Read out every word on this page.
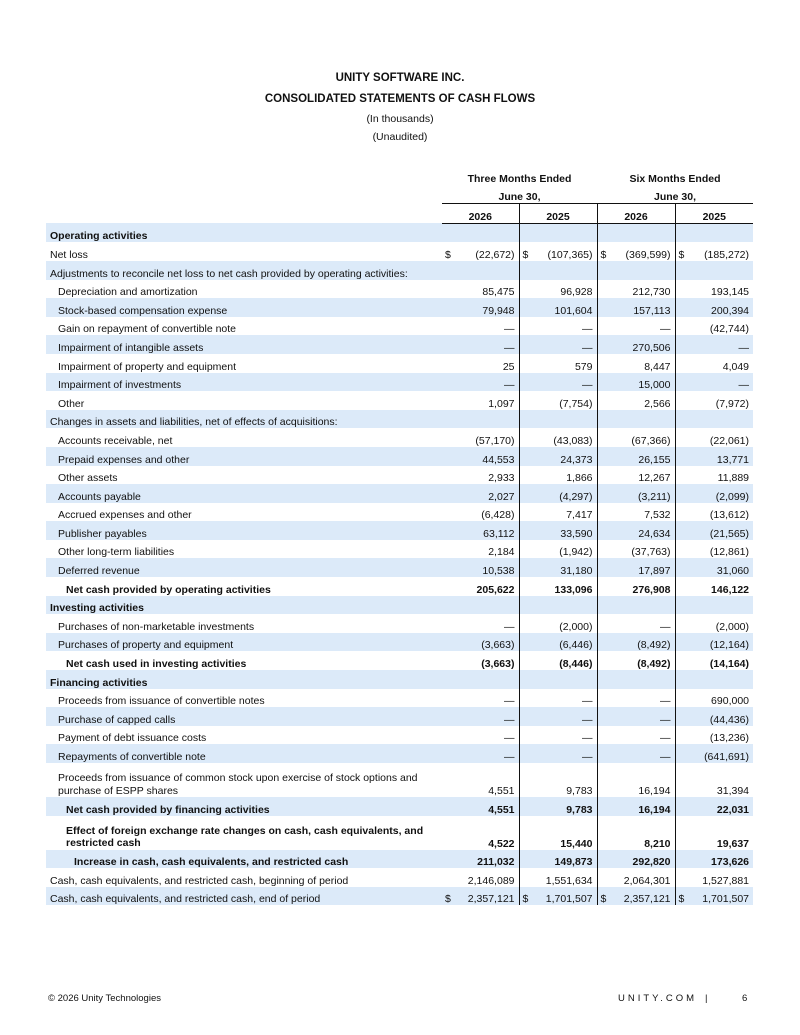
UNITY SOFTWARE INC.
CONSOLIDATED STATEMENTS OF CASH FLOWS
(In thousands)
(Unaudited)
	Three Months Ended		Six Months Ended	
	June 30,		June 30,	
	2026	2025	2026	2025
Operating activities				
Net loss	$ (22,672)	$ (107,365)	$ (369,599)	$ (185,272)
Adjustments to reconcile net loss to net cash provided by operating activities:				
Depreciation and amortization	85,475	96,928	212,730	193,145
Stock-based compensation expense	79,948	101,604	157,113	200,394
Gain on repayment of convertible note	—	—	—	(42,744)
Impairment of intangible assets	—	—	270,506	—
Impairment of property and equipment	25	579	8,447	4,049
Impairment of investments	—	—	15,000	—
Other	1,097	(7,754)	2,566	(7,972)
Changes in assets and liabilities, net of effects of acquisitions:				
Accounts receivable, net	(57,170)	(43,083)	(67,366)	(22,061)
Prepaid expenses and other	44,553	24,373	26,155	13,771
Other assets	2,933	1,866	12,267	11,889
Accounts payable	2,027	(4,297)	(3,211)	(2,099)
Accrued expenses and other	(6,428)	7,417	7,532	(13,612)
Publisher payables	63,112	33,590	24,634	(21,565)
Other long-term liabilities	2,184	(1,942)	(37,763)	(12,861)
Deferred revenue	10,538	31,180	17,897	31,060
Net cash provided by operating activities	205,622	133,096	276,908	146,122
Investing activities				
Purchases of non-marketable investments	—	(2,000)	—	(2,000)
Purchases of property and equipment	(3,663)	(6,446)	(8,492)	(12,164)
Net cash used in investing activities	(3,663)	(8,446)	(8,492)	(14,164)
Financing activities				
Proceeds from issuance of convertible notes	—	—	—	690,000
Purchase of capped calls	—	—	—	(44,436)
Payment of debt issuance costs	—	—	—	(13,236)
Repayments of convertible note	—	—	—	(641,691)
Proceeds from issuance of common stock upon exercise of stock options and purchase of ESPP shares	4,551	9,783	16,194	31,394
Net cash provided by financing activities	4,551	9,783	16,194	22,031
Effect of foreign exchange rate changes on cash, cash equivalents, and restricted cash	4,522	15,440	8,210	19,637
Increase in cash, cash equivalents, and restricted cash	211,032	149,873	292,820	173,626
Cash, cash equivalents, and restricted cash, beginning of period	2,146,089	1,551,634	2,064,301	1,527,881
Cash, cash equivalents, and restricted cash, end of period	$ 2,357,121	$ 1,701,507	$ 2,357,121	$ 1,701,507
© 2026 Unity Technologies	UNITY.COM |	6
